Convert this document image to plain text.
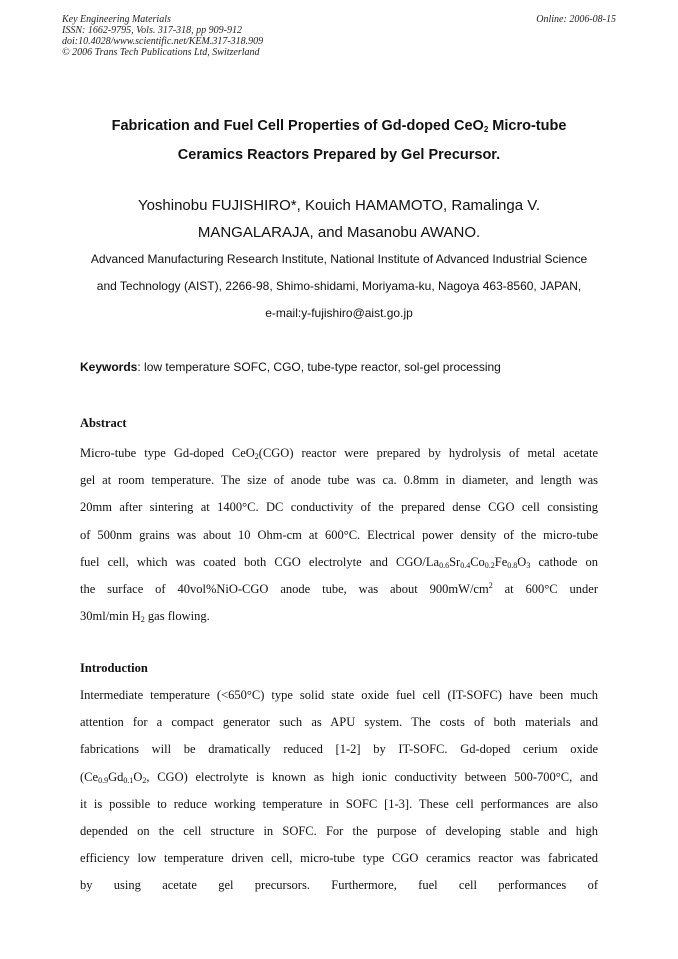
Key Engineering Materials
ISSN: 1662-9795, Vols. 317-318, pp 909-912
doi:10.4028/www.scientific.net/KEM.317-318.909
© 2006 Trans Tech Publications Ltd, Switzerland
Online: 2006-08-15
Fabrication and Fuel Cell Properties of Gd-doped CeO$_2$ Micro-tube
Ceramics Reactors Prepared by Gel Precursor.
Yoshinobu FUJISHIRO*, Kouich HAMAMOTO, Ramalinga V.
MANGALARAJA, and Masanobu AWANO.
Advanced Manufacturing Research Institute, National Institute of Advanced Industrial Science
and Technology (AIST), 2266-98, Shimo-shidami, Moriyama-ku, Nagoya 463-8560, JAPAN,
e-mail:y-fujishiro@aist.go.jp
Keywords: low temperature SOFC, CGO, tube-type reactor, sol-gel processing
Abstract
Micro-tube type Gd-doped CeO$_2$(CGO) reactor were prepared by hydrolysis of metal acetate
gel at room temperature. The size of anode tube was ca. 0.8mm in diameter, and length was
20mm after sintering at 1400°C. DC conductivity of the prepared dense CGO cell consisting
of 500nm grains was about 10 Ohm-cm at 600°C. Electrical power density of the micro-tube
fuel cell, which was coated both CGO electrolyte and CGO/$La_{0.6}Sr_{0.4}Co_{0.2}Fe_{0.8}O_3$ cathode on
the surface of 40vol%NiO-CGO anode tube, was about $900mW/cm^2$ at 600°C under
30ml/min $H_2$ gas flowing.
Introduction
Intermediate temperature (<650°C) type solid state oxide fuel cell (IT-SOFC) have been much
attention for a compact generator such as APU system. The costs of both materials and
fabrications will be dramatically reduced [1-2] by IT-SOFC. Gd-doped cerium oxide
($Ce_{0.9}Gd_{0.1}O_2$, CGO) electrolyte is known as high ionic conductivity between 500-700°C, and
it is possible to reduce working temperature in SOFC [1-3]. These cell performances are also
depended on the cell structure in SOFC. For the purpose of developing stable and high
efficiency low temperature driven cell, micro-tube type CGO ceramics reactor was fabricated
by using acetate gel precursors. Furthermore, fuel cell performances of
